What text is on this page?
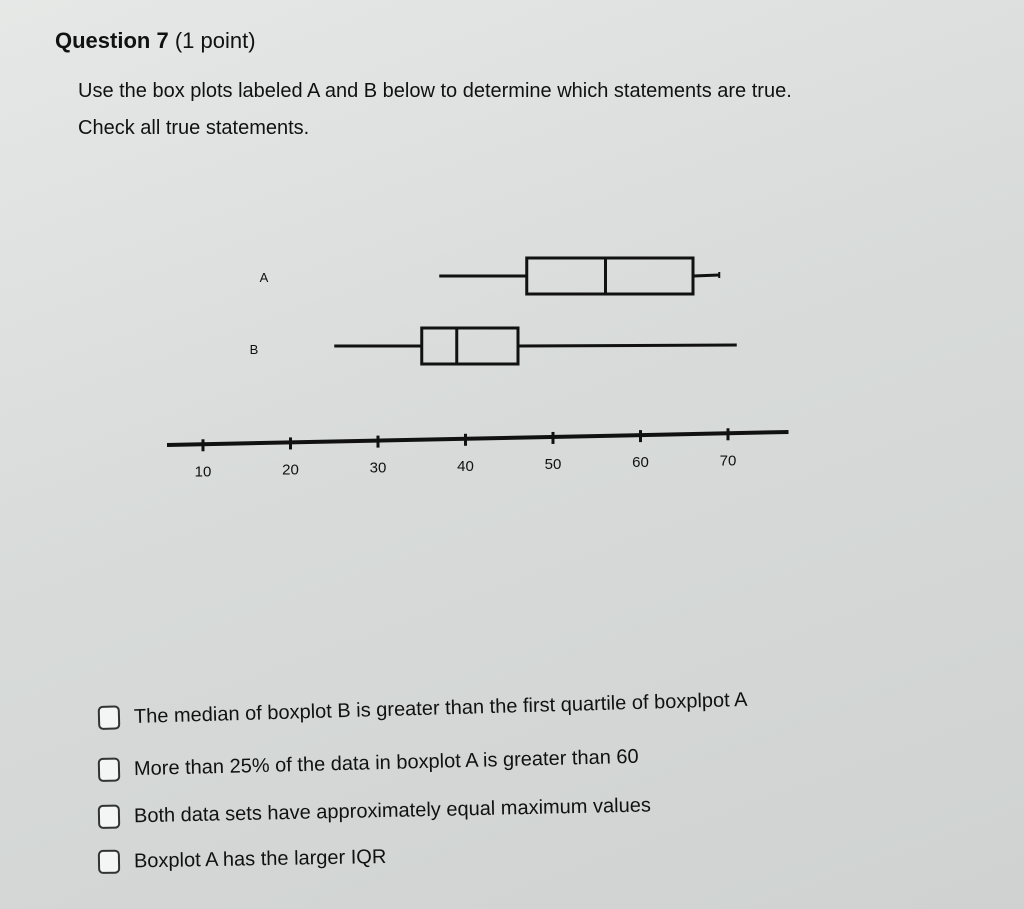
Question 7 (1 point)
Use the box plots labeled A and B below to determine which statements are true.
Check all true statements.
10	20	30	40	50	60	70
A
B
The median of boxplot B is greater than the first quartile of boxplpot A
More than 25% of the data in boxplot A is greater than 60
Both data sets have approximately equal maximum values
Boxplot A has the larger IQR
